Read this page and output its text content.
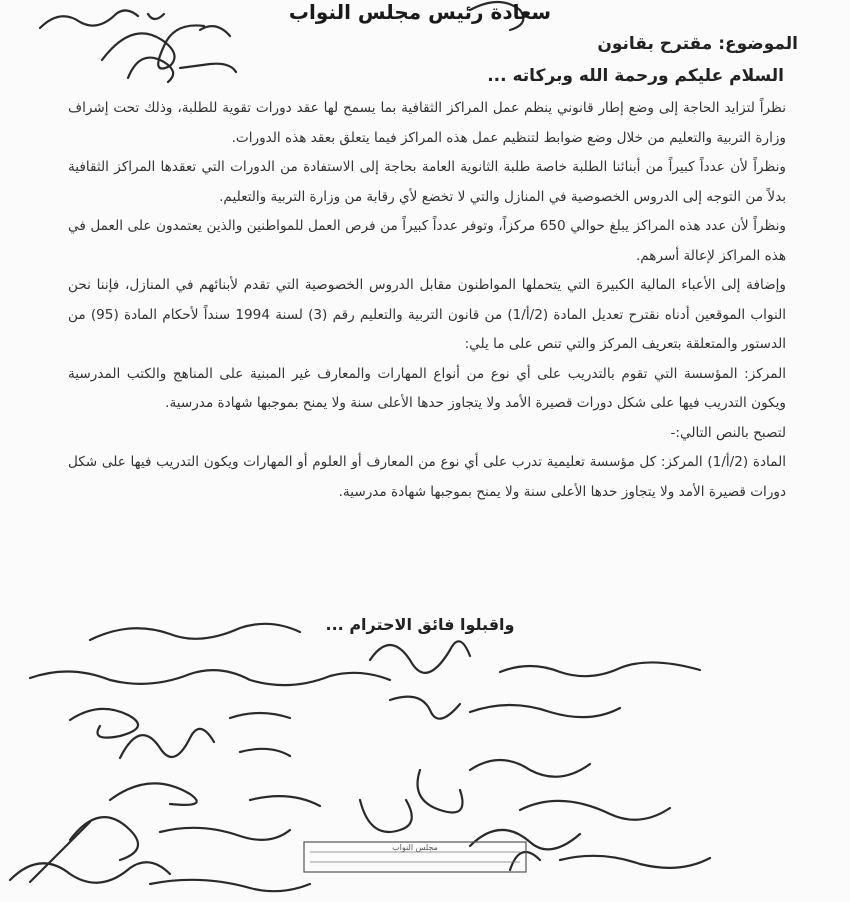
سعادة رئيس مجلس النواب
الموضوع: مقترح بقانون
السلام عليكم ورحمة الله وبركاته ...

نظراً لتزايد الحاجة إلى وضع إطار قانوني ينظم عمل المراكز الثقافية بما يسمح لها عقد دورات تقوية للطلبة، وذلك تحت إشراف وزارة التربية والتعليم من خلال وضع ضوابط لتنظيم عمل هذه المراكز فيما يتعلق بعقد هذه الدورات.

ونظراً لأن عدداً كبيراً من أبنائنا الطلبة خاصة طلبة الثانوية العامة بحاجة إلى الاستفادة من الدورات التي تعقدها المراكز الثقافية بدلاً من التوجه إلى الدروس الخصوصية في المنازل والتي لا تخضع لأي رقابة من وزارة التربية والتعليم.

ونظراً لأن عدد هذه المراكز يبلغ حوالي 650 مركزاً، وتوفر عدداً كبيراً من فرص العمل للمواطنين والذين يعتمدون على العمل في هذه المراكز لإعالة أسرهم.

وإضافة إلى الأعباء المالية الكبيرة التي يتحملها المواطنون مقابل الدروس الخصوصية التي تقدم لأبنائهم في المنازل، فإننا نحن النواب الموقعين أدناه نقترح تعديل المادة (2/أ/1) من قانون التربية والتعليم رقم (3) لسنة 1994 سنداً لأحكام المادة (95) من الدستور والمتعلقة بتعريف المركز والتي تنص على ما يلي:

المركز: المؤسسة التي تقوم بالتدريب على أي نوع من أنواع المهارات والمعارف غير المبنية على المناهج والكتب المدرسية ويكون التدريب فيها على شكل دورات قصيرة الأمد ولا يتجاوز حدها الأعلى سنة ولا يمنح بموجبها شهادة مدرسية.

لتصبح بالنص التالي:-

المادة (2/أ/1) المركز: كل مؤسسة تعليمية تدرب على أي نوع من المعارف أو العلوم أو المهارات ويكون التدريب فيها على شكل دورات قصيرة الأمد ولا يتجاوز حدها الأعلى سنة ولا يمنح بموجبها شهادة مدرسية.

واقبلوا فائق الاحترام ...
مجلس النواب
